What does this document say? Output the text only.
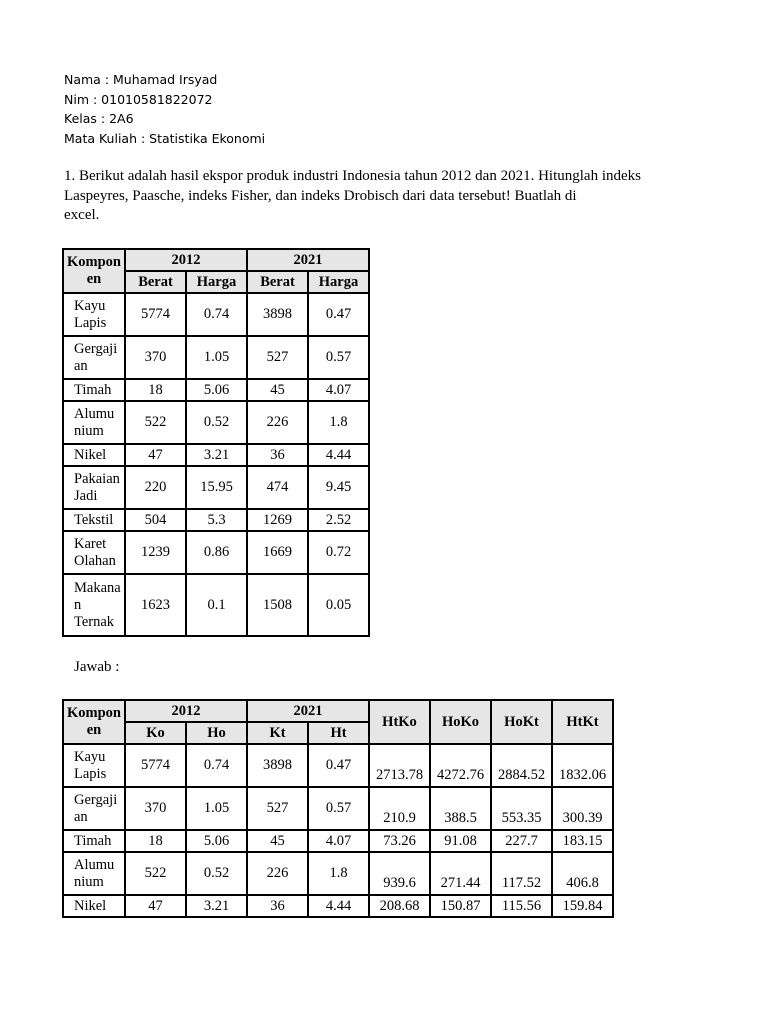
Nama : Muhamad Irsyad
Nim : 01010581822072
Kelas : 2A6
Mata Kuliah : Statistika Ekonomi
1. Berikut adalah hasil ekspor produk industri Indonesia tahun 2012 dan 2021. Hitunglah indeks
Laspeyres, Paasche, indeks Fisher, dan indeks Drobisch dari data tersebut! Buatlah di
excel.
Kompon
en	2012		2021	
	Berat	Harga	Berat	Harga
Kayu
Lapis	5774	0.74	3898	0.47
Gergaji
an	370	1.05	527	0.57
Timah	18	5.06	45	4.07
Alumu
nium	522	0.52	226	1.8
Nikel	47	3.21	36	4.44
Pakaian
Jadi	220	15.95	474	9.45
Tekstil	504	5.3	1269	2.52
Karet
Olahan	1239	0.86	1669	0.72
Makana
n
Ternak	1623	0.1	1508	0.05
Jawab :
Kompon
en	2012		2021		HtKo	HoKo	HoKt	HtKt
	Ko	Ho	Kt	Ht				
Kayu
Lapis	5774	0.74	3898	0.47	2713.78	4272.76	2884.52	1832.06
Gergaji
an	370	1.05	527	0.57	210.9	388.5	553.35	300.39
Timah	18	5.06	45	4.07	73.26	91.08	227.7	183.15
Alumu
nium	522	0.52	226	1.8	939.6	271.44	117.52	406.8
Nikel	47	3.21	36	4.44	208.68	150.87	115.56	159.84
